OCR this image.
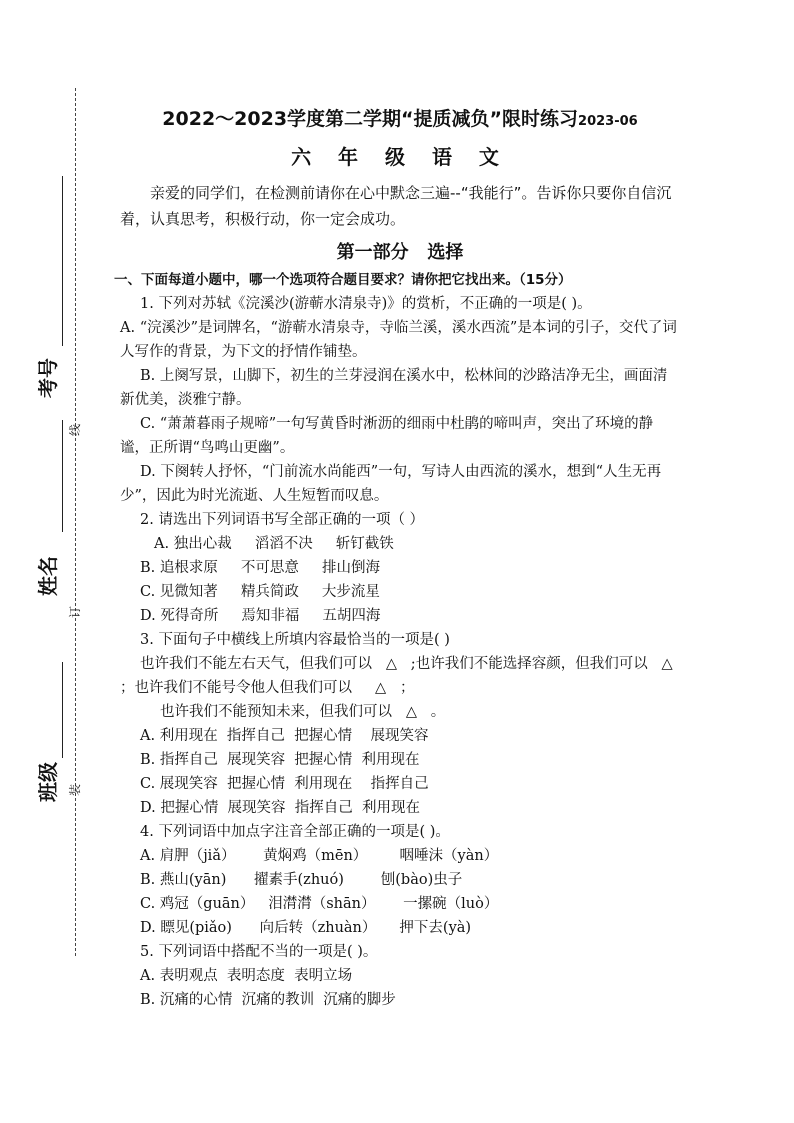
考号
姓名
班级
线
订
装
2022～2023学度第二学期“提质减负”限时练习2023-06
六 年 级 语 文
亲爱的同学们，在检测前请你在心中默念三遍--“我能行”。告诉你只要你自信沉着，认真思考，积极行动，你一定会成功。
第一部分   选择
一、下面每道小题中，哪一个选项符合题目要求？请你把它找出来。（15分）
1. 下列对苏轼《浣溪沙(游蕲水清泉寺)》的赏析，不正确的一项是( )。
A. “浣溪沙”是词牌名，“游蕲水清泉寺，寺临兰溪，溪水西流”是本词的引子，交代了词人写作的背景，为下文的抒情作铺垫。
B. 上阕写景，山脚下，初生的兰芽浸润在溪水中，松林间的沙路洁净无尘，画面清新优美，淡雅宁静。
C. “萧萧暮雨子规啼”一句写黄昏时淅沥的细雨中杜鹃的啼叫声，突出了环境的静谧，正所谓“鸟鸣山更幽”。
D. 下阕转人抒怀，“门前流水尚能西”一句，写诗人由西流的溪水，想到“人生无再少”，因此为时光流逝、人生短暂而叹息。
2. 请选出下列词语书写全部正确的一项（ ）
A. 独出心裁     滔滔不决     斩钉截铁
B. 追根求原     不可思意     排山倒海
C. 见微知著     精兵简政     大步流星
D. 死得奇所     焉知非福     五胡四海
3. 下面句子中横线上所填内容最恰当的一项是( )
也许我们不能左右天气，但我们可以   △   ;也许我们不能选择容颜，但我们可以   △    ；也许我们不能号令他人但我们可以     △   ；
也许我们不能预知未来，但我们可以   △   。
A. 利用现在  指挥自己  把握心情    展现笑容
B. 指挥自己  展现笑容  把握心情  利用现在
C. 展现笑容  把握心情  利用现在    指挥自己
D. 把握心情  展现笑容  指挥自己  利用现在
4. 下列词语中加点字注音全部正确的一项是( )。
A. 肩胛（jiǎ）      黄焖鸡（mēn）       咽唾沫（yàn）
B. 燕山(yān)      擢素手(zhuó)        刨(bào)虫子
C. 鸡冠（guān）   泪潸潸（shān）      一摞碗（luò）
D. 瞟见(piǎo)      向后转（zhuàn）     押下去(yà)
5. 下列词语中搭配不当的一项是( )。
A. 表明观点  表明态度  表明立场
B. 沉痛的心情  沉痛的教训  沉痛的脚步
